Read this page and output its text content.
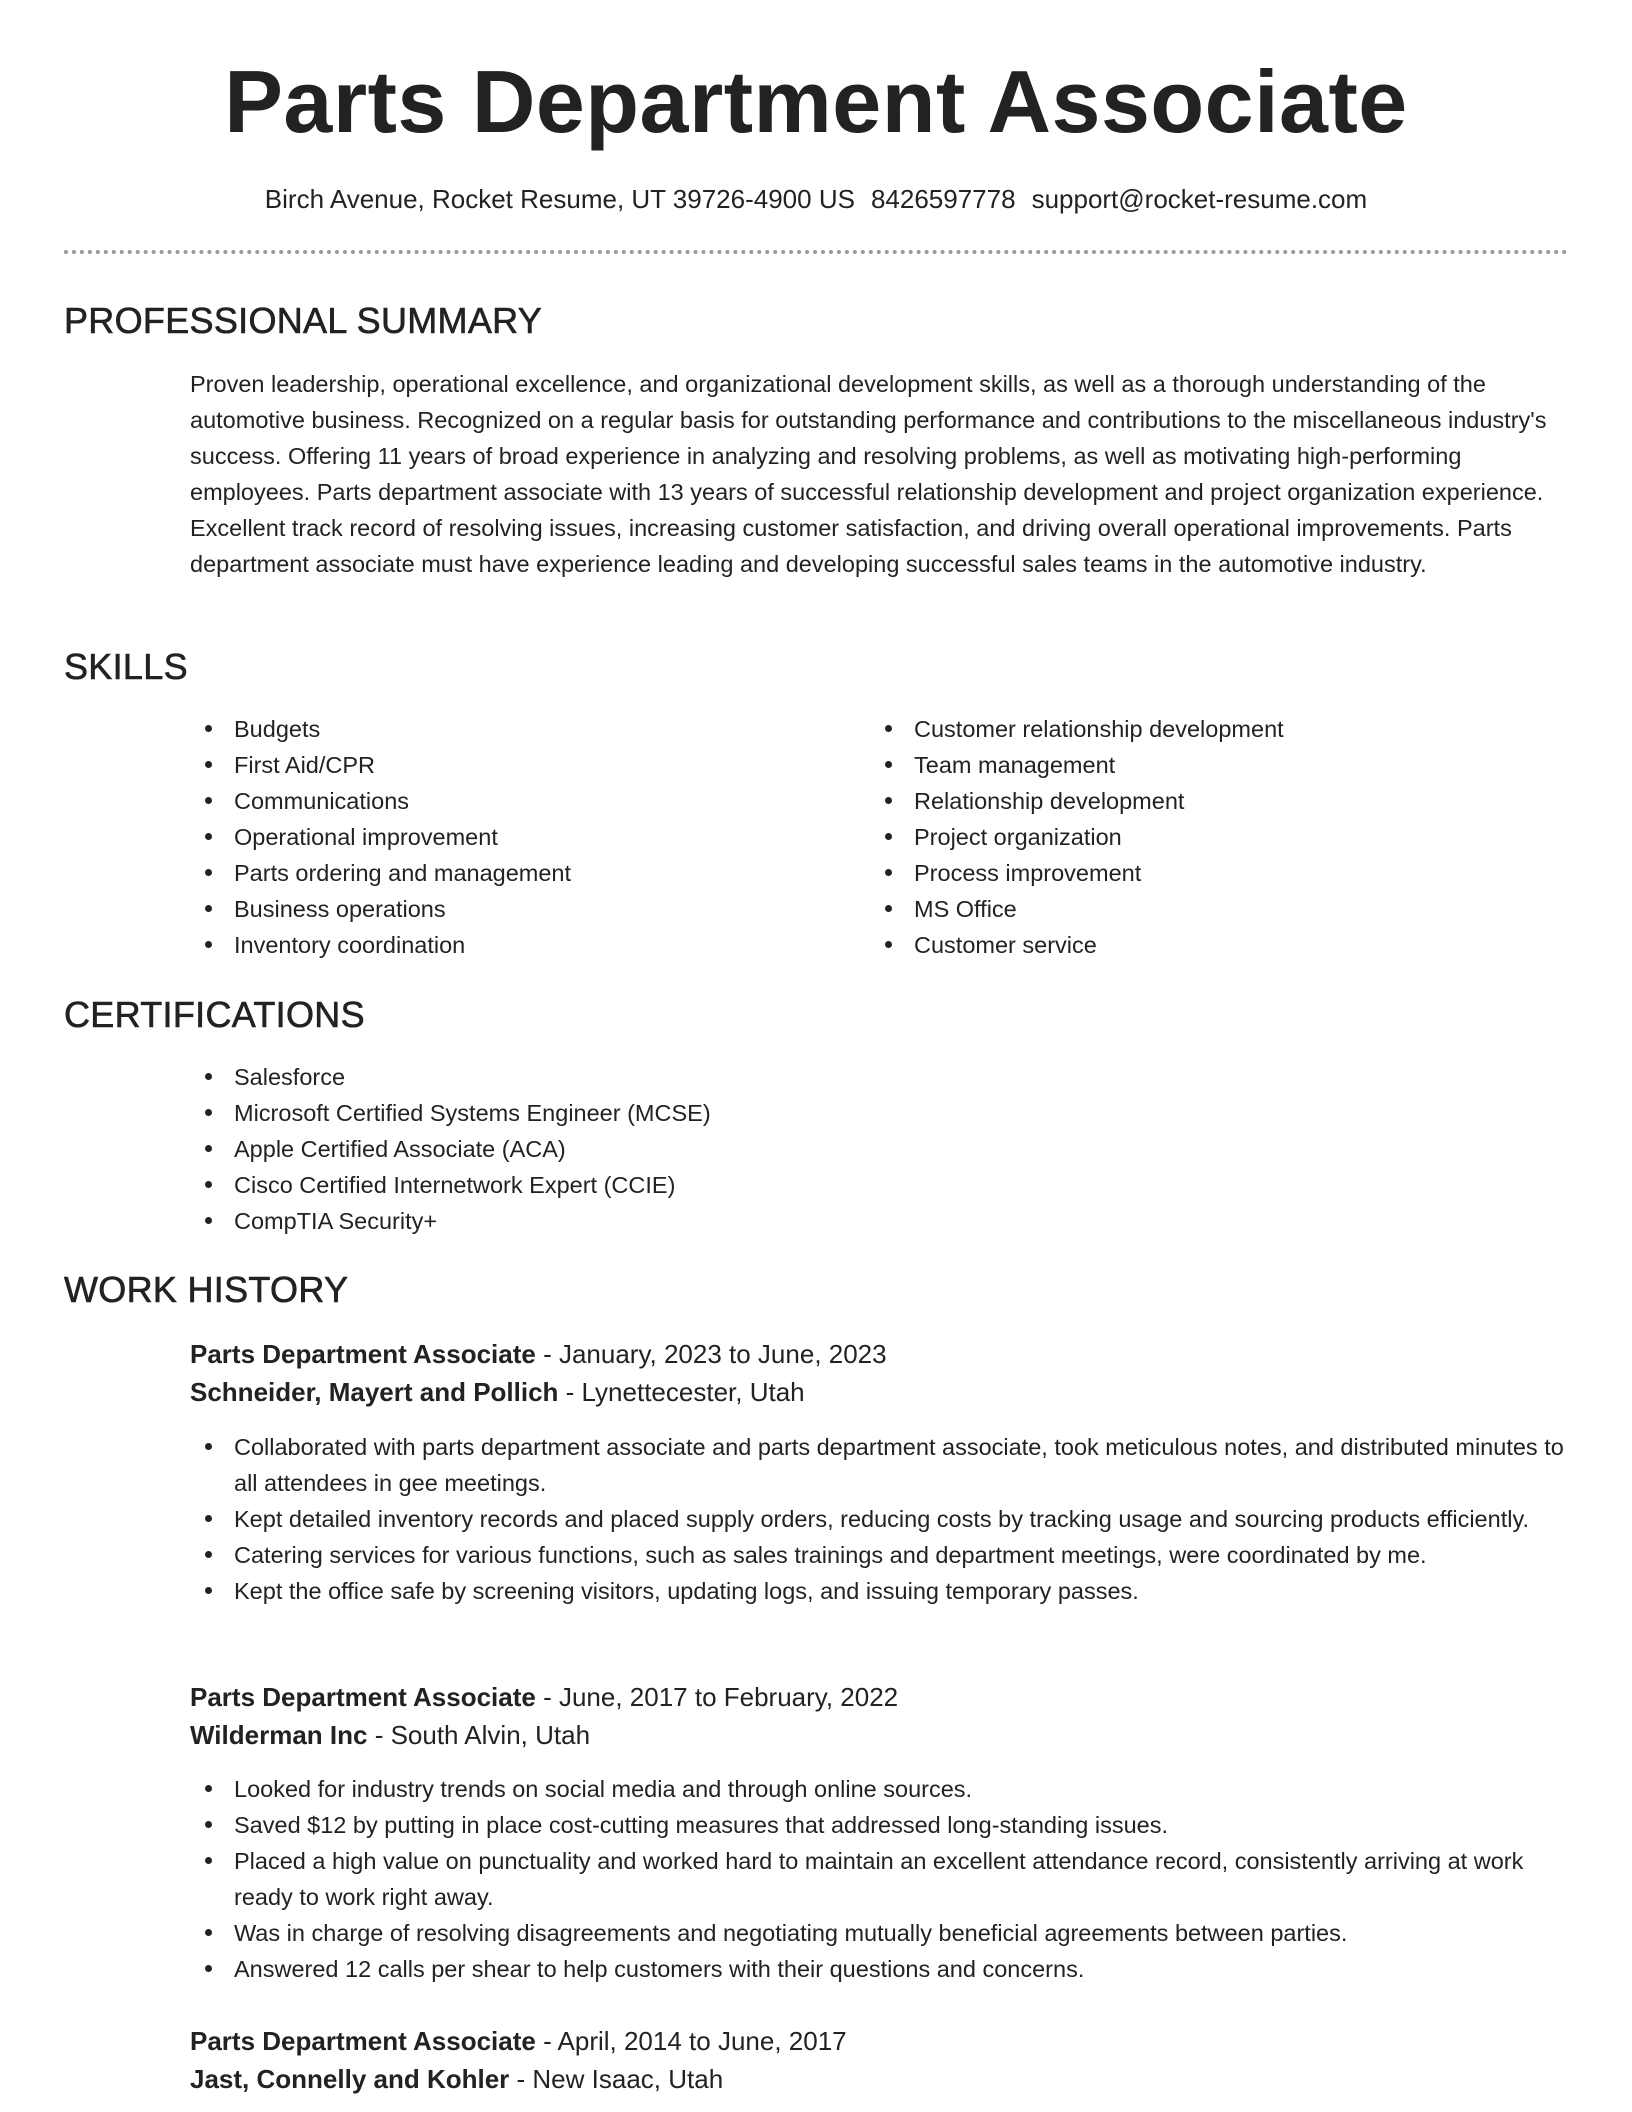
Parts Department Associate
Birch Avenue, Rocket Resume, UT 39726-4900 US 8426597778 support@rocket-resume.com
PROFESSIONAL SUMMARY

Proven leadership, operational excellence, and organizational development skills, as well as a thorough understanding of the automotive business. Recognized on a regular basis for outstanding performance and contributions to the miscellaneous industry's success. Offering 11 years of broad experience in analyzing and resolving problems, as well as motivating high-performing employees. Parts department associate with 13 years of successful relationship development and project organization experience. Excellent track record of resolving issues, increasing customer satisfaction, and driving overall operational improvements. Parts department associate must have experience leading and developing successful sales teams in the automotive industry.

SKILLS
Budgets
First Aid/CPR
Communications
Operational improvement
Parts ordering and management
Business operations
Inventory coordination
Customer relationship development
Team management
Relationship development
Project organization
Process improvement
MS Office
Customer service
CERTIFICATIONS
Salesforce
Microsoft Certified Systems Engineer (MCSE)
Apple Certified Associate (ACA)
Cisco Certified Internetwork Expert (CCIE)
CompTIA Security+
WORK HISTORY
Parts Department Associate - January, 2023 to June, 2023
Schneider, Mayert and Pollich - Lynettecester, Utah
Collaborated with parts department associate and parts department associate, took meticulous notes, and distributed minutes to all attendees in gee meetings.
Kept detailed inventory records and placed supply orders, reducing costs by tracking usage and sourcing products efficiently.
Catering services for various functions, such as sales trainings and department meetings, were coordinated by me.
Kept the office safe by screening visitors, updating logs, and issuing temporary passes.
Parts Department Associate - June, 2017 to February, 2022
Wilderman Inc - South Alvin, Utah
Looked for industry trends on social media and through online sources.
Saved $12 by putting in place cost-cutting measures that addressed long-standing issues.
Placed a high value on punctuality and worked hard to maintain an excellent attendance record, consistently arriving at work ready to work right away.
Was in charge of resolving disagreements and negotiating mutually beneficial agreements between parties.
Answered 12 calls per shear to help customers with their questions and concerns.
Parts Department Associate - April, 2014 to June, 2017
Jast, Connelly and Kohler - New Isaac, Utah
